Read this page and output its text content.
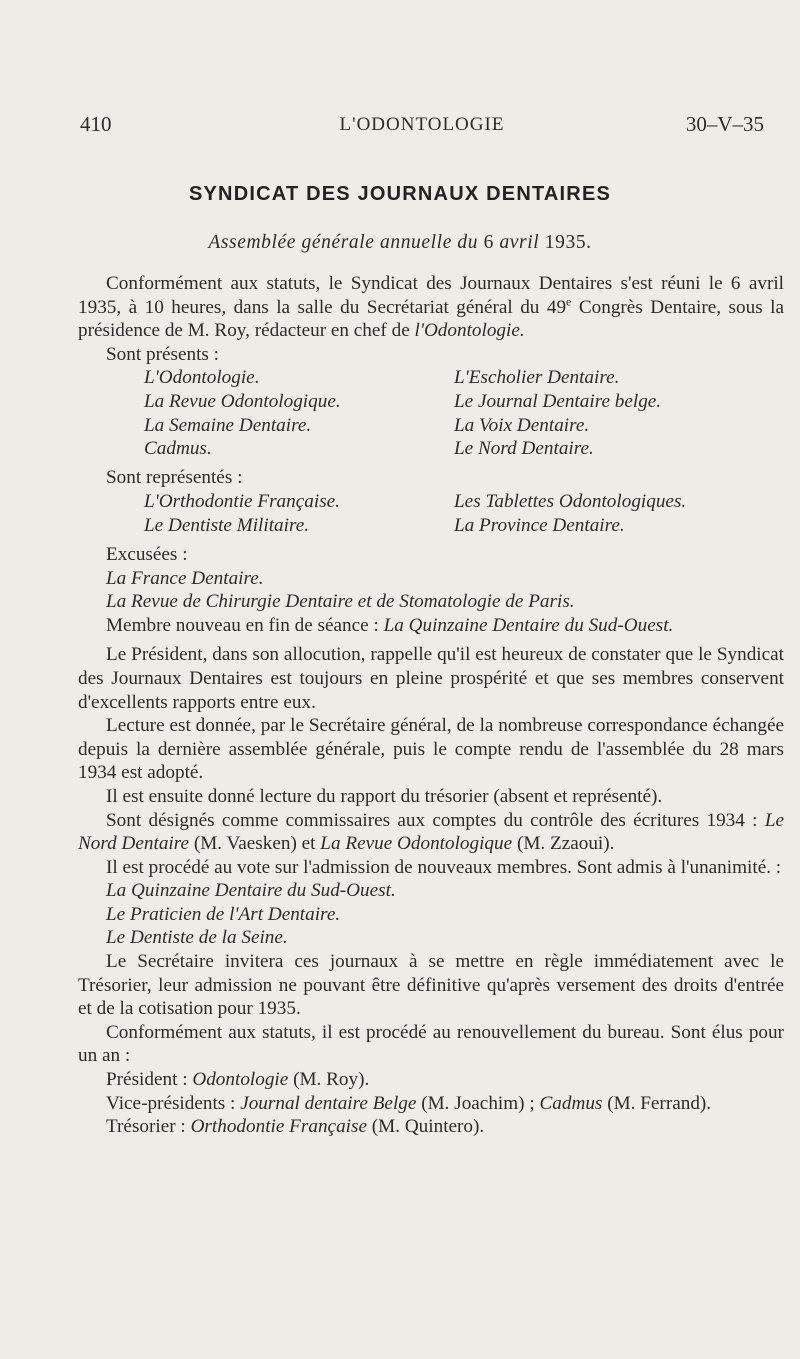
410	L'ODONTOLOGIE	30–V–35
SYNDICAT DES JOURNAUX DENTAIRES
Assemblée générale annuelle du 6 avril 1935.

Conformément aux statuts, le Syndicat des Journaux Dentaires s'est réuni le 6 avril 1935, à 10 heures, dans la salle du Secrétariat général du 49e Congrès Dentaire, sous la présidence de M. Roy, rédacteur en chef de l'Odontologie.

Sont présents :
L'Odontologie.
La Revue Odontologique.
La Semaine Dentaire.
Cadmus.
L'Escholier Dentaire.
Le Journal Dentaire belge.
La Voix Dentaire.
Le Nord Dentaire.
Sont représentés :
L'Orthodontie Française.
Le Dentiste Militaire.
Les Tablettes Odontologiques.
La Province Dentaire.
Excusées :
La France Dentaire.
La Revue de Chirurgie Dentaire et de Stomatologie de Paris.
Membre nouveau en fin de séance : La Quinzaine Dentaire du Sud-Ouest.

Le Président, dans son allocution, rappelle qu'il est heureux de constater que le Syndicat des Journaux Dentaires est toujours en pleine prospérité et que ses membres conservent d'excellents rapports entre eux.

Lecture est donnée, par le Secrétaire général, de la nombreuse correspondance échangée depuis la dernière assemblée générale, puis le compte rendu de l'assemblée du 28 mars 1934 est adopté.

Il est ensuite donné lecture du rapport du trésorier (absent et représenté).

Sont désignés comme commissaires aux comptes du contrôle des écritures 1934 : Le Nord Dentaire (M. Vaesken) et La Revue Odontologique (M. Zzaoui).

Il est procédé au vote sur l'admission de nouveaux membres. Sont admis à l'unanimité. :

La Quinzaine Dentaire du Sud-Ouest.
Le Praticien de l'Art Dentaire.
Le Dentiste de la Seine.

Le Secrétaire invitera ces journaux à se mettre en règle immédiatement avec le Trésorier, leur admission ne pouvant être définitive qu'après versement des droits d'entrée et de la cotisation pour 1935.

Conformément aux statuts, il est procédé au renouvellement du bureau. Sont élus pour un an :

Président : Odontologie (M. Roy).

Vice-présidents : Journal dentaire Belge (M. Joachim) ; Cadmus (M. Ferrand).

Trésorier : Orthodontie Française (M. Quintero).
